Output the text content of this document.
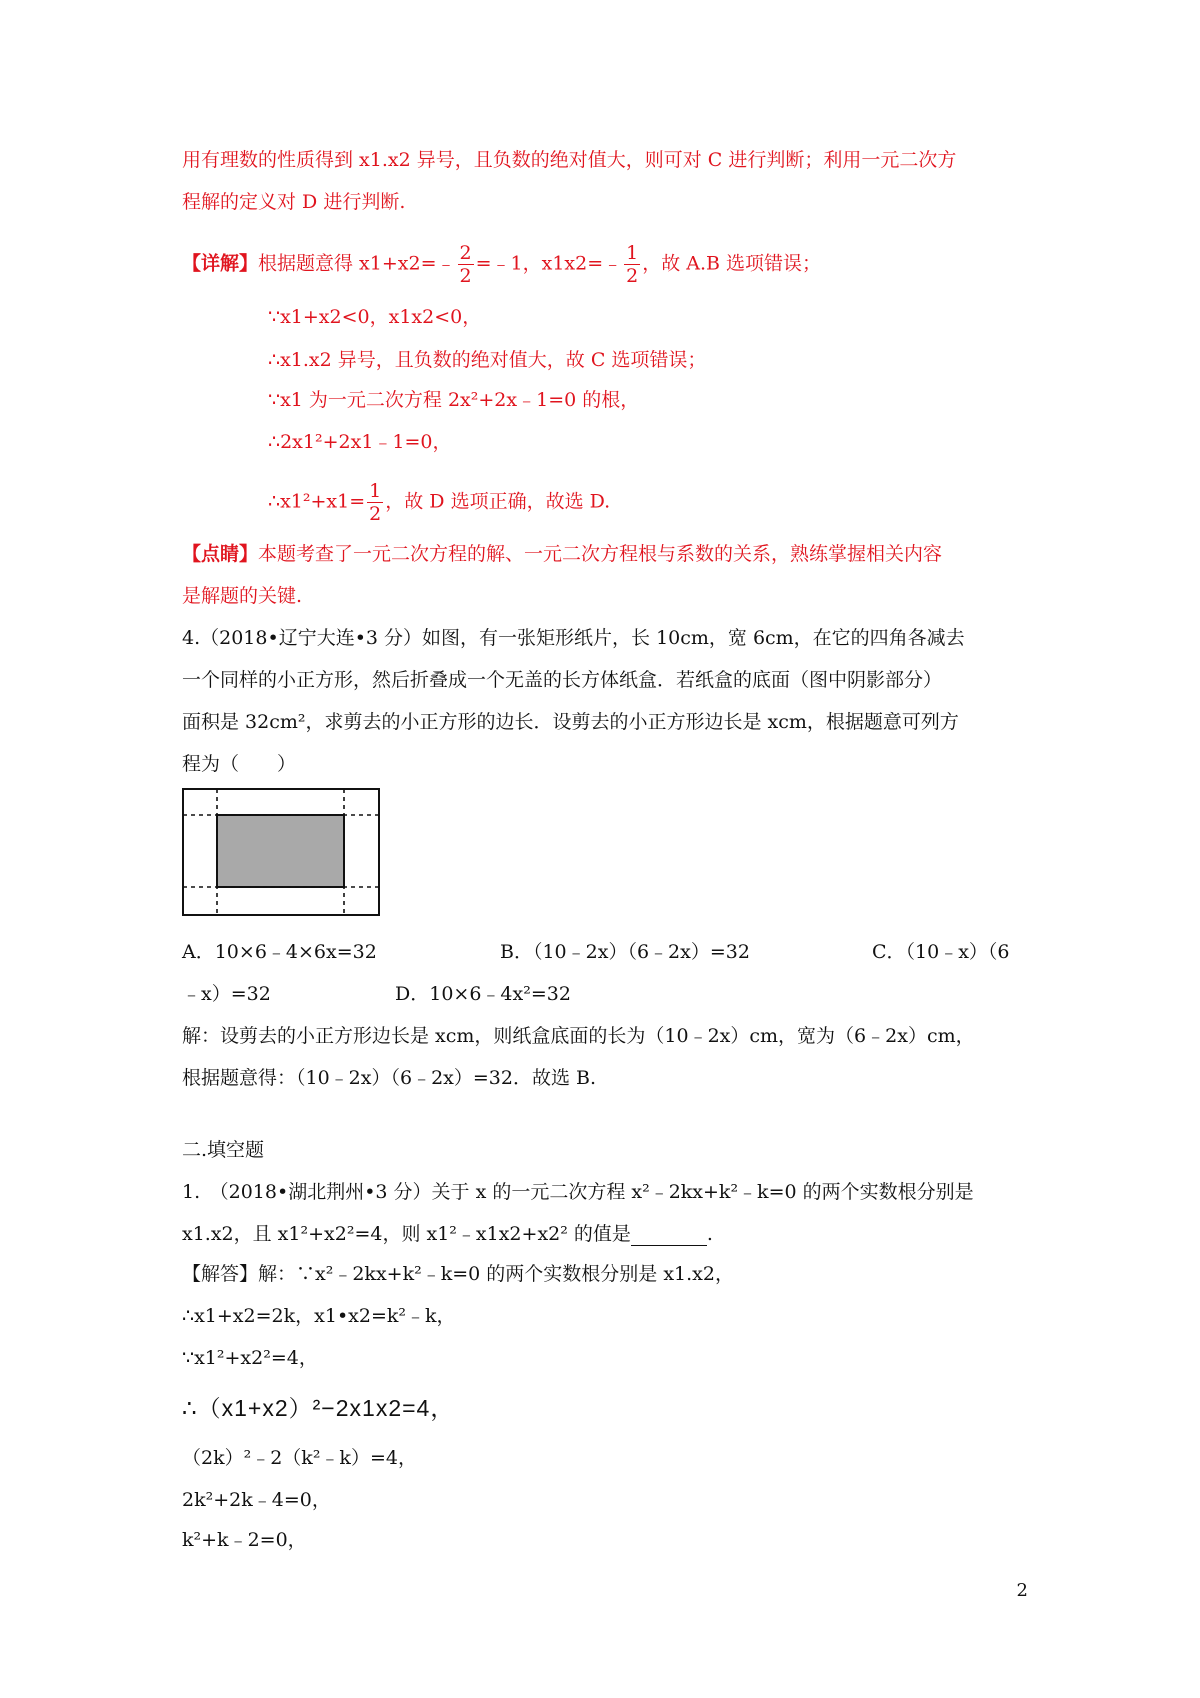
用有理数的性质得到 x1.x2 异号，且负数的绝对值大，则可对 C 进行判断；利用一元二次方
程解的定义对 D 进行判断.
【详解】根据题意得 x1+x2=﹣ $\frac{2}{2}$ =﹣1，x1x2=﹣ $\frac{1}{2}$ ，故 A.B 选项错误；
∵x1+x2<0，x1x2<0，
∴x1.x2 异号，且负数的绝对值大，故 C 选项错误；
∵x1 为一元二次方程 2x²+2x﹣1=0 的根，
∴2x1²+2x1﹣1=0，
∴x1²+x1= $\frac{1}{2}$ ，故 D 选项正确，故选 D.
【点睛】本题考查了一元二次方程的解、一元二次方程根与系数的关系，熟练掌握相关内容
是解题的关键.
4.（2018•辽宁大连•3 分）如图，有一张矩形纸片，长 10cm，宽 6cm，在它的四角各减去
一个同样的小正方形，然后折叠成一个无盖的长方体纸盒．若纸盒的底面（图中阴影部分）
面积是 32cm²，求剪去的小正方形的边长．设剪去的小正方形边长是 xcm，根据题意可列方
程为（　　）
A．10×6﹣4×6x=32	B．（10﹣2x）（6﹣2x）=32	C．（10﹣x）（6
﹣x）=32	D．10×6﹣4x²=32
解：设剪去的小正方形边长是 xcm，则纸盒底面的长为（10﹣2x）cm，宽为（6﹣2x）cm，
根据题意得：（10﹣2x）（6﹣2x）=32．故选 B.
二.填空题
1.　（2018•湖北荆州•3 分）关于 x 的一元二次方程 x²﹣2kx+k²﹣k=0 的两个实数根分别是
x1.x2，且 x1²+x2²=4，则 x1²﹣x1x2+x2² 的值是	.
【解答】解：∵x²﹣2kx+k²﹣k=0 的两个实数根分别是 x1.x2，
∴x1+x2=2k，x1•x2=k²﹣k，
∵x1²+x2²=4，
∴（x1+x2）²−2x1x2=4，
（2k）²﹣2（k²﹣k）=4，
2k²+2k﹣4=0，
k²+k﹣2=0，
2
